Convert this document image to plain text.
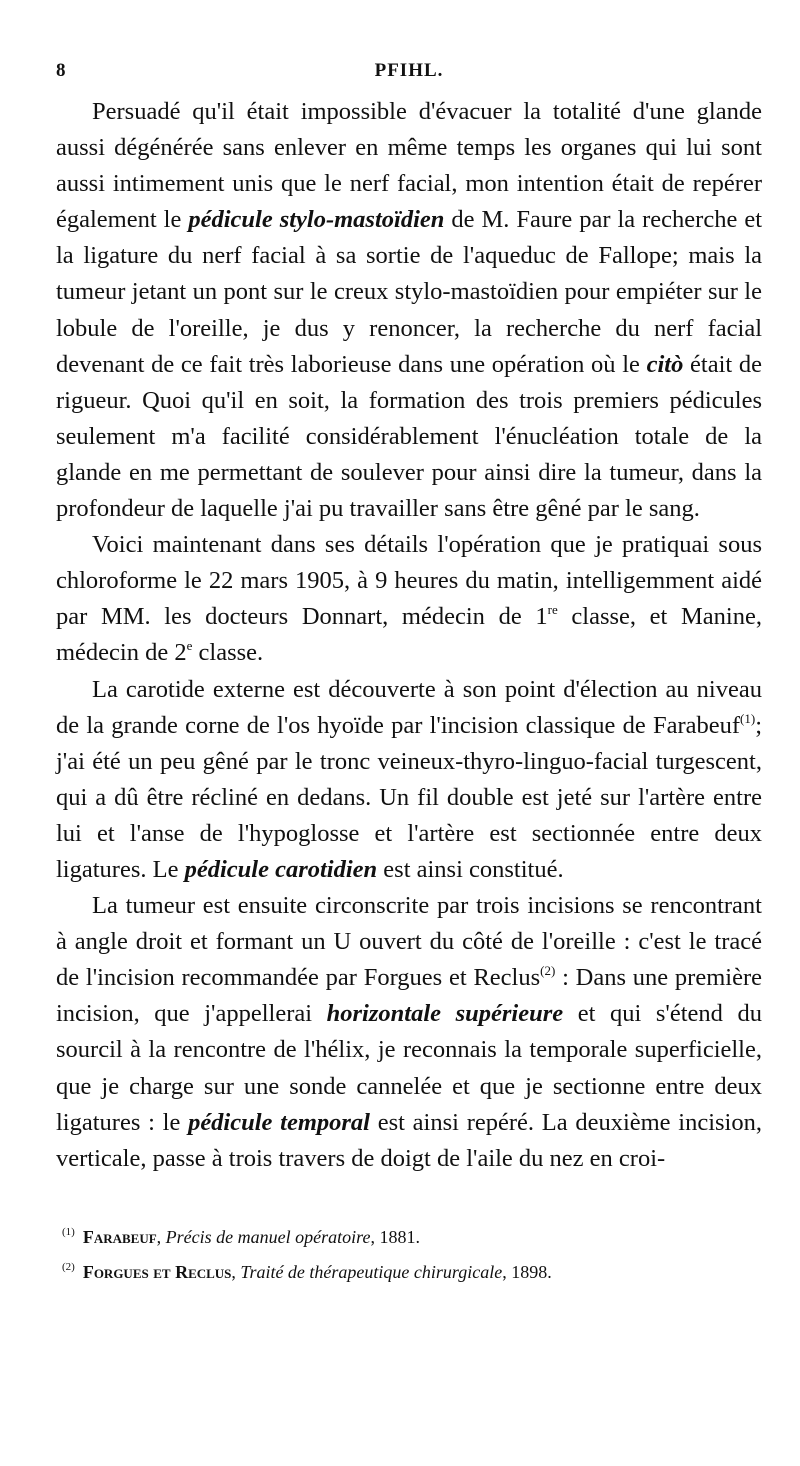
8	PFIHL.

Persuadé qu'il était impossible d'évacuer la totalité d'une glande aussi dégénérée sans enlever en même temps les organes qui lui sont aussi intimement unis que le nerf facial, mon intention était de repérer également le pédicule stylo-mastoïdien de M. Faure par la recherche et la ligature du nerf facial à sa sortie de l'aqueduc de Fallope; mais la tumeur jetant un pont sur le creux stylo-mastoïdien pour empiéter sur le lobule de l'oreille, je dus y renoncer, la recherche du nerf facial devenant de ce fait très laborieuse dans une opération où le citò était de rigueur. Quoi qu'il en soit, la formation des trois premiers pédicules seulement m'a facilité considérablement l'énucléation totale de la glande en me permettant de soulever pour ainsi dire la tumeur, dans la profondeur de laquelle j'ai pu travailler sans être gêné par le sang.

Voici maintenant dans ses détails l'opération que je pratiquai sous chloroforme le 22 mars 1905, à 9 heures du matin, intelligemment aidé par MM. les docteurs Donnart, médecin de 1re classe, et Manine, médecin de 2e classe.

La carotide externe est découverte à son point d'élection au niveau de la grande corne de l'os hyoïde par l'incision classique de Farabeuf$^{(1)}$; j'ai été un peu gêné par le tronc veineux-thyro-linguo-facial turgescent, qui a dû être récliné en dedans. Un fil double est jeté sur l'artère entre lui et l'anse de l'hypoglosse et l'artère est sectionnée entre deux ligatures. Le pédicule carotidien est ainsi constitué.

La tumeur est ensuite circonscrite par trois incisions se rencontrant à angle droit et formant un U ouvert du côté de l'oreille : c'est le tracé de l'incision recommandée par Forgues et Reclus$^{(2)}$ : Dans une première incision, que j'appellerai horizontale supérieure et qui s'étend du sourcil à la rencontre de l'hélix, je reconnais la temporale superficielle, que je charge sur une sonde cannelée et que je sectionne entre deux ligatures : le pédicule temporal est ainsi repéré. La deuxième incision, verticale, passe à trois travers de doigt de l'aile du nez en croi-

$^{(1)}$ Farabeuf, Précis de manuel opératoire, 1881.

$^{(2)}$ Forgues et Reclus, Traité de thérapeutique chirurgicale, 1898.
